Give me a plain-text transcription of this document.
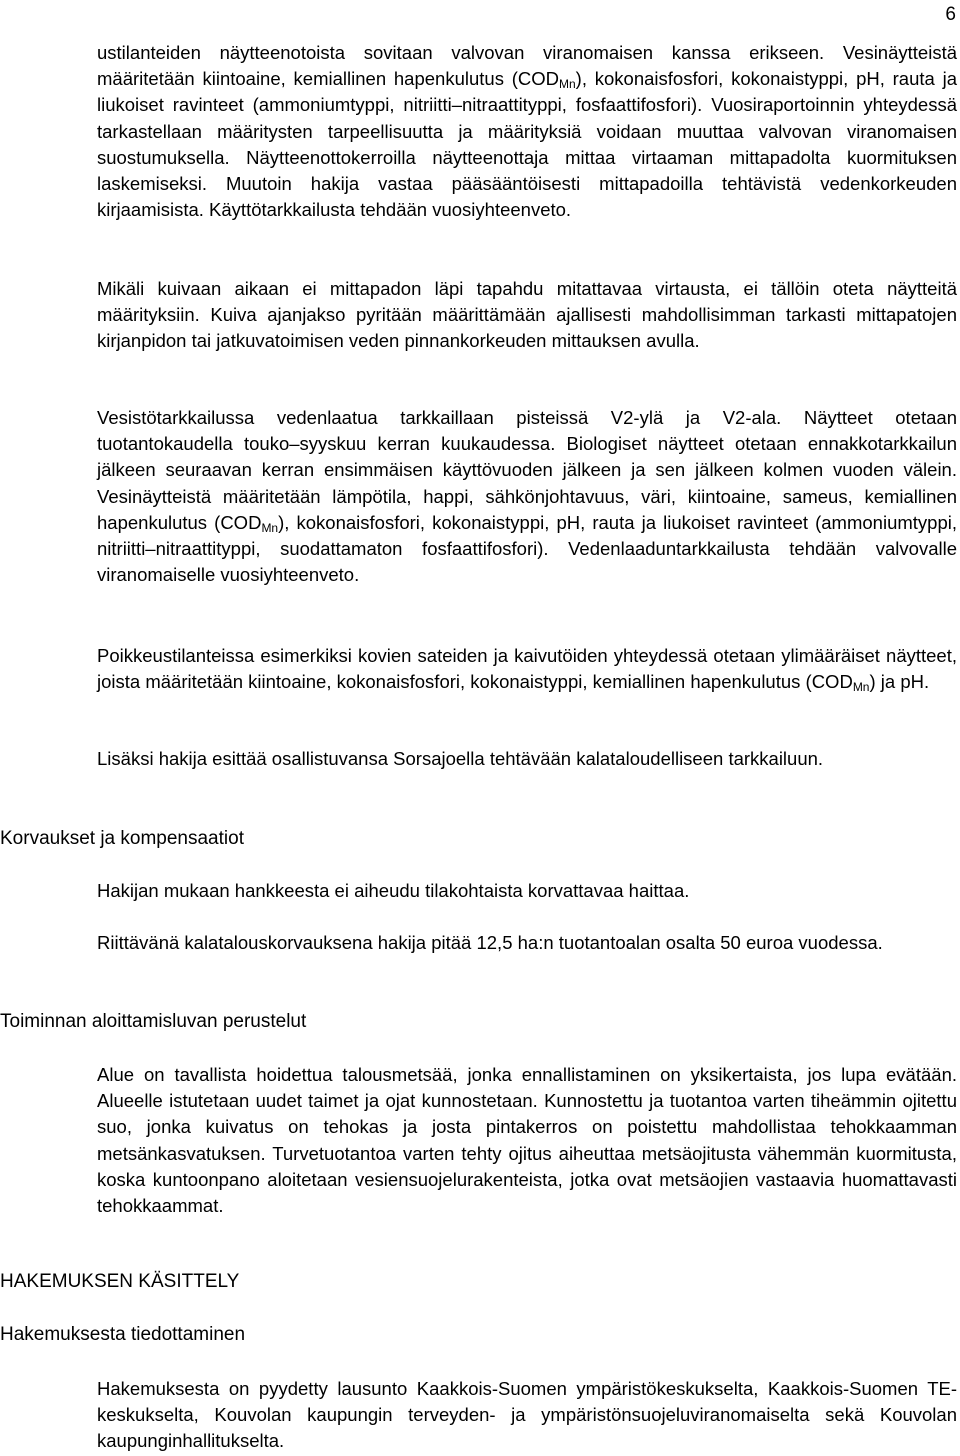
6

ustilanteiden näytteenotoista sovitaan valvovan viranomaisen kanssa erikseen. Vesinäytteistä määritetään kiintoaine, kemiallinen hapenkulutus $(COD_{Mn})$, kokonaisfosfori, kokonaistyppi, pH, rauta ja liukoiset ravinteet (ammoniumtyppi, nitriitti–nitraattityppi, fosfaattifosfori). Vuosiraportoinnin yhteydessä tarkastellaan määritysten tarpeellisuutta ja määrityksiä voidaan muuttaa valvovan viranomaisen suostumuksella. Näytteenottokerroilla näytteenottaja mittaa virtaaman mittapadolta kuormituksen laskemiseksi. Muutoin hakija vastaa pääsääntöisesti mittapadoilla tehtävistä vedenkorkeuden kirjaamisista. Käyttötarkkailusta tehdään vuosiyhteenveto.

Mikäli kuivaan aikaan ei mittapadon läpi tapahdu mitattavaa virtausta, ei tällöin oteta näytteitä määrityksiin. Kuiva ajanjakso pyritään määrittämään ajallisesti mahdollisimman tarkasti mittapatojen kirjanpidon tai jatkuvatoimisen veden pinnankorkeuden mittauksen avulla.

Vesistötarkkailussa vedenlaatua tarkkaillaan pisteissä V2-ylä ja V2-ala. Näytteet otetaan tuotantokaudella touko–syyskuu kerran kuukaudessa. Biologiset näytteet otetaan ennakkotarkkailun jälkeen seuraavan kerran ensimmäisen käyttövuoden jälkeen ja sen jälkeen kolmen vuoden välein. Vesinäytteistä määritetään lämpötila, happi, sähkönjohtavuus, väri, kiintoaine, sameus, kemiallinen hapenkulutus $(COD_{Mn})$, kokonaisfosfori, kokonaistyppi, pH, rauta ja liukoiset ravinteet (ammoniumtyppi, nitriitti–nitraattityppi, suodattamaton fosfaattifosfori). Vedenlaaduntarkkailusta tehdään valvovalle viranomaiselle vuosiyhteenveto.

Poikkeustilanteissa esimerkiksi kovien sateiden ja kaivutöiden yhteydessä otetaan ylimääräiset näytteet, joista määritetään kiintoaine, kokonaisfosfori, kokonaistyppi, kemiallinen hapenkulutus $(COD_{Mn})$ ja pH.

Lisäksi hakija esittää osallistuvansa Sorsajoella tehtävään kalataloudelliseen tarkkailuun.

Korvaukset ja kompensaatiot

Hakijan mukaan hankkeesta ei aiheudu tilakohtaista korvattavaa haittaa.

Riittävänä kalatalouskorvauksena hakija pitää 12,5 ha:n tuotantoalan osalta 50 euroa vuodessa.

Toiminnan aloittamisluvan perustelut

Alue on tavallista hoidettua talousmetsää, jonka ennallistaminen on yksikertaista, jos lupa evätään. Alueelle istutetaan uudet taimet ja ojat kunnostetaan. Kunnostettu ja tuotantoa varten tiheämmin ojitettu suo, jonka kuivatus on tehokas ja josta pintakerros on poistettu mahdollistaa tehokkaamman metsänkasvatuksen. Turvetuotantoa varten tehty ojitus aiheuttaa metsäojitusta vähemmän kuormitusta, koska kuntoonpano aloitetaan vesiensuojelurakenteista, jotka ovat metsäojien vastaavia huomattavasti tehokkaammat.

HAKEMUKSEN KÄSITTELY
Hakemuksesta tiedottaminen

Hakemuksesta on pyydetty lausunto Kaakkois-Suomen ympäristökeskukselta, Kaakkois-Suomen TE-keskukselta, Kouvolan kaupungin terveyden- ja ympäristönsuojeluviranomaiselta sekä Kouvolan kaupunginhallitukselta.
